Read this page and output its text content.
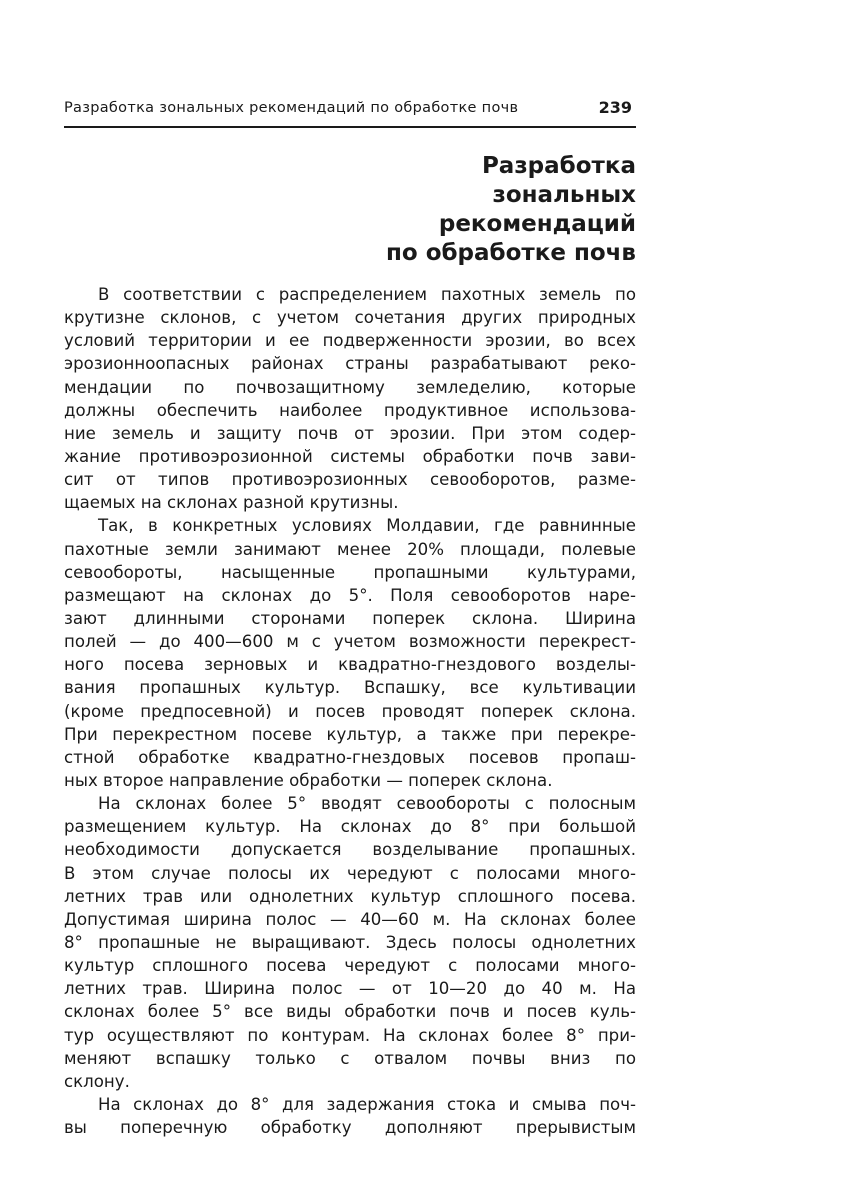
Разработка зональных рекомендаций по обработке почв	239
Разработка
зональных
рекомендаций
по обработке почв
В соответствии с распределением пахотных земель по
крутизне склонов, с учетом сочетания других природных
условий территории и ее подверженности эрозии, во всех
эрозионноопасных районах страны разрабатывают реко-
мендации по почвозащитному земледелию, которые
должны обеспечить наиболее продуктивное использова-
ние земель и защиту почв от эрозии. При этом содер-
жание противоэрозионной системы обработки почв зави-
сит от типов противоэрозионных севооборотов, разме-
щаемых на склонах разной крутизны.
Так, в конкретных условиях Молдавии, где равнинные
пахотные земли занимают менее 20% площади, полевые
севообороты, насыщенные пропашными культурами,
размещают на склонах до 5°. Поля севооборотов наре-
зают длинными сторонами поперек склона. Ширина
полей — до 400—600 м с учетом возможности перекрест-
ного посева зерновых и квадратно-гнездового возделы-
вания пропашных культур. Вспашку, все культивации
(кроме предпосевной) и посев проводят поперек склона.
При перекрестном посеве культур, а также при перекре-
стной обработке квадратно-гнездовых посевов пропаш-
ных второе направление обработки — поперек склона.
На склонах более 5° вводят севообороты с полосным
размещением культур. На склонах до 8° при большой
необходимости допускается возделывание пропашных.
В этом случае полосы их чередуют с полосами много-
летних трав или однолетних культур сплошного посева.
Допустимая ширина полос — 40—60 м. На склонах более
8° пропашные не выращивают. Здесь полосы однолетних
культур сплошного посева чередуют с полосами много-
летних трав. Ширина полос — от 10—20 до 40 м. На
склонах более 5° все виды обработки почв и посев куль-
тур осуществляют по контурам. На склонах более 8° при-
меняют вспашку только с отвалом почвы вниз по
склону.
На склонах до 8° для задержания стока и смыва поч-
вы поперечную обработку дополняют прерывистым
